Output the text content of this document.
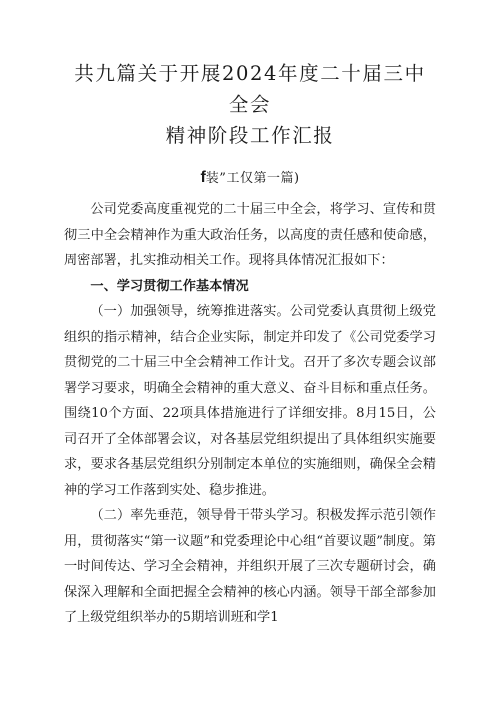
共九篇关于开展2024年度二十届三中全会
精神阶段工作汇报
f装”工仅第一篇)

公司党委高度重视党的二十届三中全会，将学习、宣传和贯彻三中全会精神作为重大政治任务，以高度的责任感和使命感，周密部署，扎实推动相关工作。现将具体情况汇报如下：

一、学习贯彻工作基本情况

（一）加强领导，统筹推进落实。公司党委认真贯彻上级党组织的指示精神，结合企业实际，制定并印发了《公司党委学习贯彻党的二十届三中全会精神工作计戈。召开了多次专题会议部署学习要求，明确全会精神的重大意义、奋斗目标和重点任务。围绕10个方面、22项具体措施进行了详细安排。8月15日，公司召开了全体部署会议，对各基层党组织提出了具体组织实施要求，要求各基层党组织分别制定本单位的实施细则，确保全会精神的学习工作落到实处、稳步推进。

（二）率先垂范，领导骨干带头学习。积极发挥示范引领作用，贯彻落实“第一议题”和党委理论中心组“首要议题”制度。第一时间传达、学习全会精神，并组织开展了三次专题研讨会，确保深入理解和全面把握全会精神的核心内涵。领导干部全部参加了上级党组织举办的5期培训班和学1
